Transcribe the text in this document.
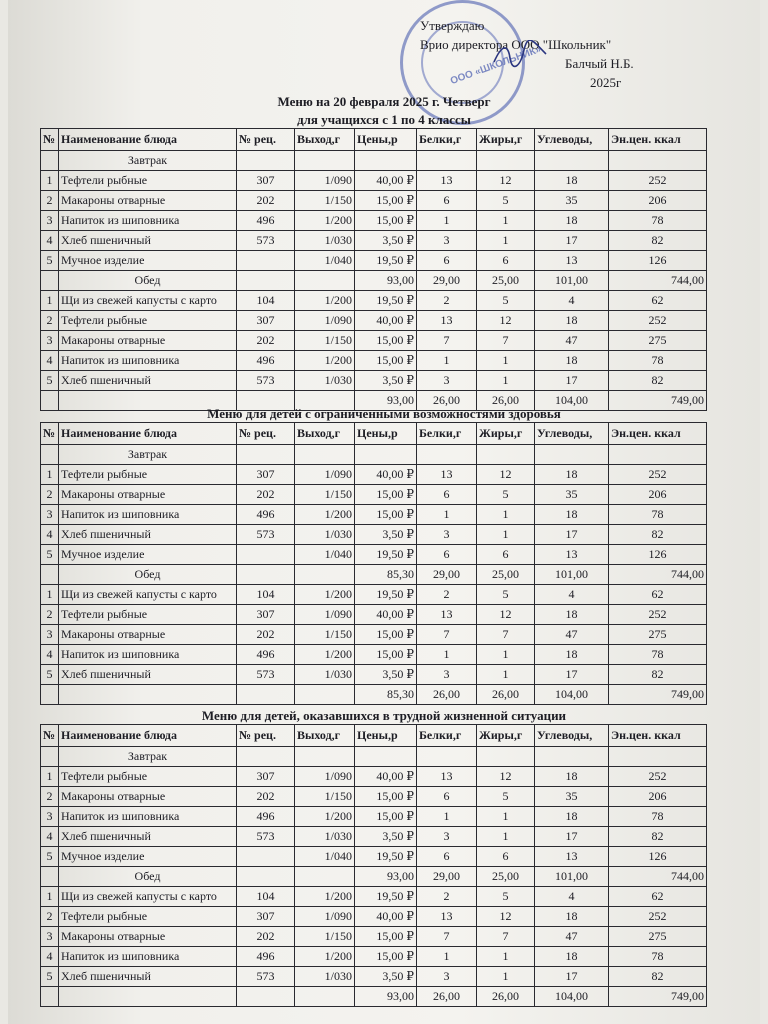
ООО «ШКОЛЬНИК»
Утверждаю
Врио директора ООО "Школьник"
Балчый Н.Б.
2025г
Меню на 20 февраля 2025 г. Четверг
для учащихся с 1 по 4 классы
№	Наименование блюда	№ рец.	Выход,г	Цены,р	Белки,г	Жиры,г	Углеводы,	Эн.цен. ккал
	Завтрак							
1	Тефтели рыбные	307	1/090	40,00 ₽	13	12	18	252
2	Макароны отварные	202	1/150	15,00 ₽	6	5	35	206
3	Напиток из шиповника	496	1/200	15,00 ₽	1	1	18	78
4	Хлеб пшеничный	573	1/030	3,50 ₽	3	1	17	82
5	Мучное изделие		1/040	19,50 ₽	6	6	13	126
	Обед			93,00	29,00	25,00	101,00	744,00
1	Щи из свежей капусты с карто	104	1/200	19,50 ₽	2	5	4	62
2	Тефтели рыбные	307	1/090	40,00 ₽	13	12	18	252
3	Макароны отварные	202	1/150	15,00 ₽	7	7	47	275
4	Напиток из шиповника	496	1/200	15,00 ₽	1	1	18	78
5	Хлеб пшеничный	573	1/030	3,50 ₽	3	1	17	82
				93,00	26,00	26,00	104,00	749,00
Меню для детей с ограниченными возможностями здоровья
№	Наименование блюда	№ рец.	Выход,г	Цены,р	Белки,г	Жиры,г	Углеводы,	Эн.цен. ккал
	Завтрак							
1	Тефтели рыбные	307	1/090	40,00 ₽	13	12	18	252
2	Макароны отварные	202	1/150	15,00 ₽	6	5	35	206
3	Напиток из шиповника	496	1/200	15,00 ₽	1	1	18	78
4	Хлеб пшеничный	573	1/030	3,50 ₽	3	1	17	82
5	Мучное изделие		1/040	19,50 ₽	6	6	13	126
	Обед			85,30	29,00	25,00	101,00	744,00
1	Щи из свежей капусты с карто	104	1/200	19,50 ₽	2	5	4	62
2	Тефтели рыбные	307	1/090	40,00 ₽	13	12	18	252
3	Макароны отварные	202	1/150	15,00 ₽	7	7	47	275
4	Напиток из шиповника	496	1/200	15,00 ₽	1	1	18	78
5	Хлеб пшеничный	573	1/030	3,50 ₽	3	1	17	82
				85,30	26,00	26,00	104,00	749,00
Меню для детей, оказавшихся в трудной жизненной ситуации
№	Наименование блюда	№ рец.	Выход,г	Цены,р	Белки,г	Жиры,г	Углеводы,	Эн.цен. ккал
	Завтрак							
1	Тефтели рыбные	307	1/090	40,00 ₽	13	12	18	252
2	Макароны отварные	202	1/150	15,00 ₽	6	5	35	206
3	Напиток из шиповника	496	1/200	15,00 ₽	1	1	18	78
4	Хлеб пшеничный	573	1/030	3,50 ₽	3	1	17	82
5	Мучное изделие		1/040	19,50 ₽	6	6	13	126
	Обед			93,00	29,00	25,00	101,00	744,00
1	Щи из свежей капусты с карто	104	1/200	19,50 ₽	2	5	4	62
2	Тефтели рыбные	307	1/090	40,00 ₽	13	12	18	252
3	Макароны отварные	202	1/150	15,00 ₽	7	7	47	275
4	Напиток из шиповника	496	1/200	15,00 ₽	1	1	18	78
5	Хлеб пшеничный	573	1/030	3,50 ₽	3	1	17	82
				93,00	26,00	26,00	104,00	749,00
